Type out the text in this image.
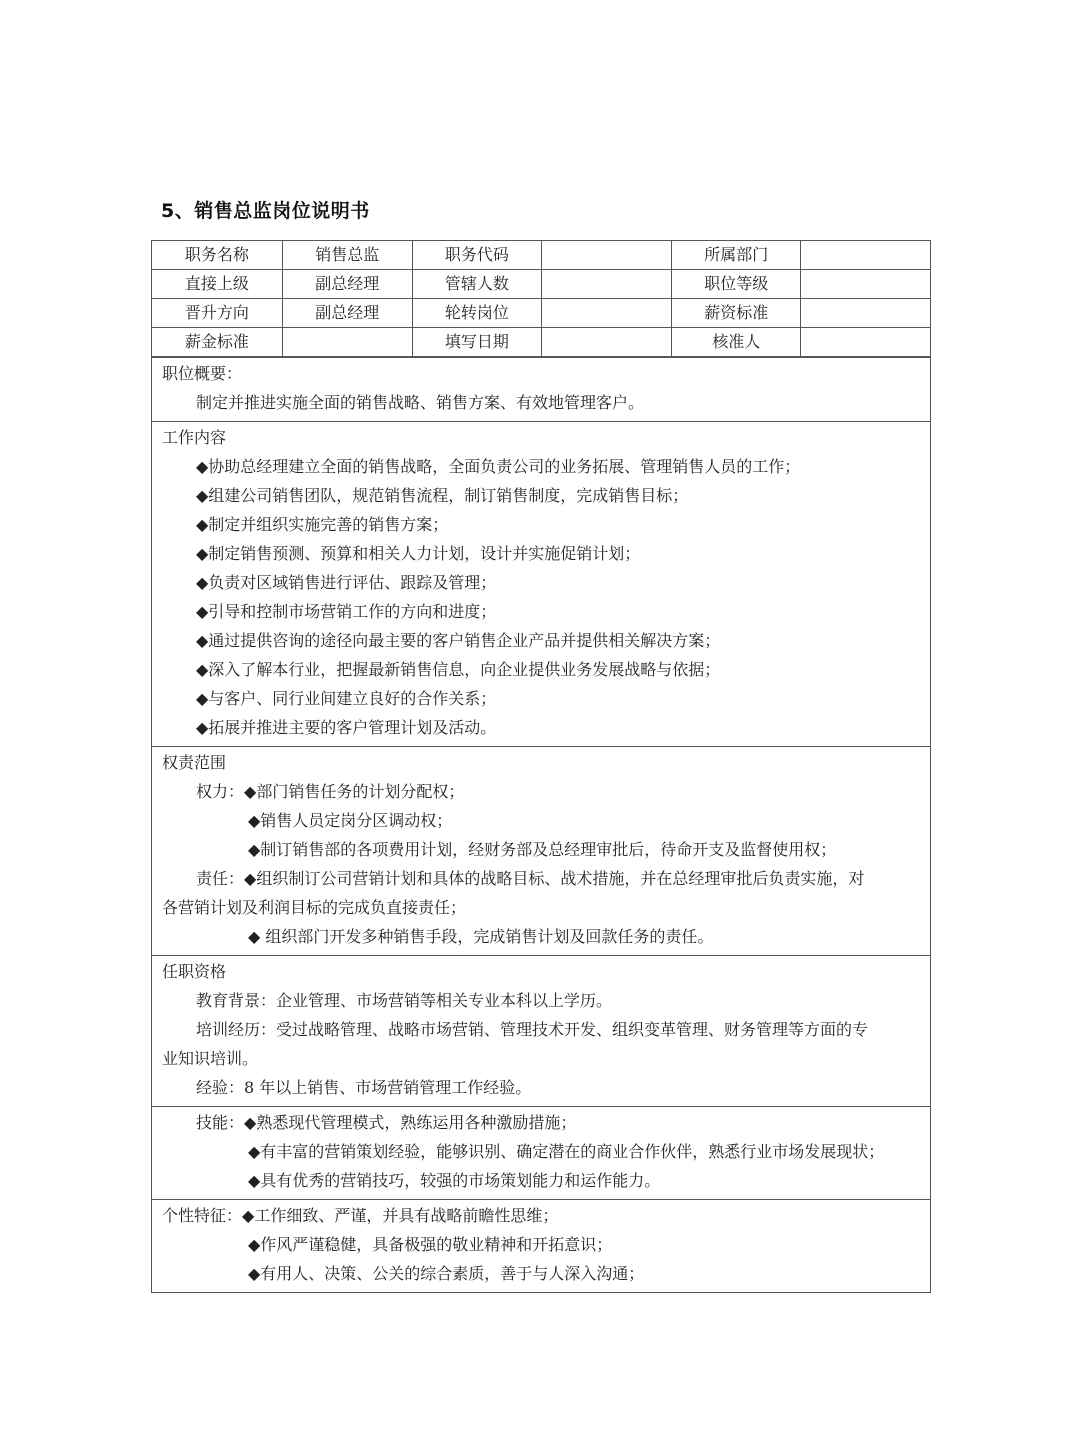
5、销售总监岗位说明书
职务名称	销售总监	职务代码		所属部门	
直接上级	副总经理	管辖人数		职位等级	
晋升方向	副总经理	轮转岗位		薪资标准	
薪金标准		填写日期		核准人	
职位概要：
制定并推进实施全面的销售战略、销售方案、有效地管理客户。
工作内容
◆协助总经理建立全面的销售战略，全面负责公司的业务拓展、管理销售人员的工作；
◆组建公司销售团队，规范销售流程，制订销售制度，完成销售目标；
◆制定并组织实施完善的销售方案；
◆制定销售预测、预算和相关人力计划，设计并实施促销计划；
◆负责对区域销售进行评估、跟踪及管理；
◆引导和控制市场营销工作的方向和进度；
◆通过提供咨询的途径向最主要的客户销售企业产品并提供相关解决方案；
◆深入了解本行业，把握最新销售信息，向企业提供业务发展战略与依据；
◆与客户、同行业间建立良好的合作关系；
◆拓展并推进主要的客户管理计划及活动。
权责范围
权力：◆部门销售任务的计划分配权；
◆销售人员定岗分区调动权；
◆制订销售部的各项费用计划，经财务部及总经理审批后，待命开支及监督使用权；
责任：◆组织制订公司营销计划和具体的战略目标、战术措施，并在总经理审批后负责实施，对
各营销计划及利润目标的完成负直接责任；
◆ 组织部门开发多种销售手段，完成销售计划及回款任务的责任。
任职资格
教育背景：企业管理、市场营销等相关专业本科以上学历。
培训经历：受过战略管理、战略市场营销、管理技术开发、组织变革管理、财务管理等方面的专
业知识培训。
经验：8 年以上销售、市场营销管理工作经验。
技能：◆熟悉现代管理模式，熟练运用各种激励措施；
◆有丰富的营销策划经验，能够识别、确定潜在的商业合作伙伴，熟悉行业市场发展现状；
◆具有优秀的营销技巧，较强的市场策划能力和运作能力。
个性特征：◆工作细致、严谨，并具有战略前瞻性思维；
◆作风严谨稳健，具备极强的敬业精神和开拓意识；
◆有用人、决策、公关的综合素质，善于与人深入沟通；
